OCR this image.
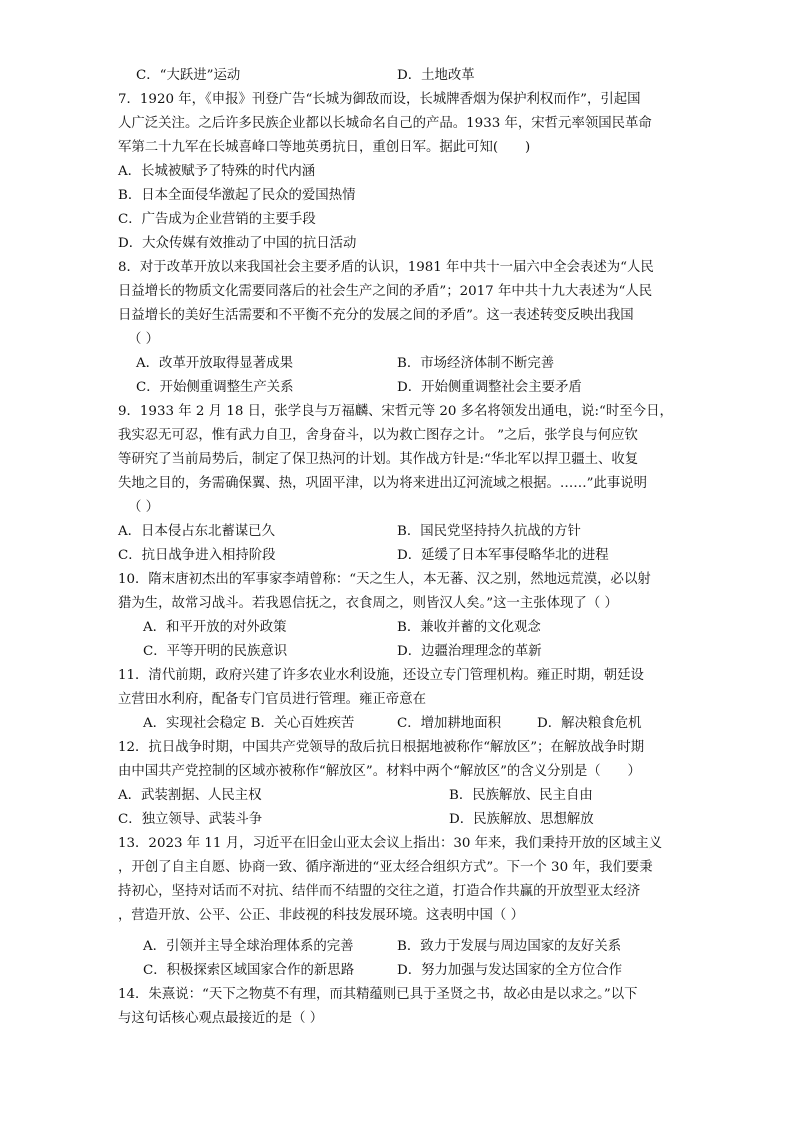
C．“大跃进”运动	D．土地改革
7．1920 年，《申报》刊登广告“长城为御敌而设，长城牌香烟为保护利权而作”，引起国
人广泛关注。之后许多民族企业都以长城命名自己的产品。1933 年，宋哲元率领国民革命
军第二十九军在长城喜峰口等地英勇抗日，重创日军。据此可知(　　)
A．长城被赋予了特殊的时代内涵
B．日本全面侵华激起了民众的爱国热情
C．广告成为企业营销的主要手段
D．大众传媒有效推动了中国的抗日活动
8．对于改革开放以来我国社会主要矛盾的认识，1981 年中共十一届六中全会表述为“人民
日益增长的物质文化需要同落后的社会生产之间的矛盾”；2017 年中共十九大表述为“人民
日益增长的美好生活需要和不平衡不充分的发展之间的矛盾”。这一表述转变反映出我国
（ ）
A．改革开放取得显著成果	B．市场经济体制不断完善
C．开始侧重调整生产关系	D．开始侧重调整社会主要矛盾
9．1933 年 2 月 18 日，张学良与万福麟、宋哲元等 20 多名将领发出通电，说:“时至今日，
我实忍无可忍，惟有武力自卫，舍身奋斗，以为救亡图存之计。 ”之后，张学良与何应钦
等研究了当前局势后，制定了保卫热河的计划。其作战方针是:“华北军以捍卫疆土、收复
失地之目的，务需确保翼、热，巩固平津，以为将来进出辽河流域之根据。……”此事说明
（ ）
A．日本侵占东北蓄谋已久	B．国民党坚持持久抗战的方针
C．抗日战争进入相持阶段	D．延缓了日本军事侵略华北的进程
10．隋末唐初杰出的军事家李靖曾称：“天之生人，本无蕃、汉之别，然地远荒漠，必以射
猎为生，故常习战斗。若我恩信抚之，衣食周之，则皆汉人矣。”这一主张体现了（ ）
A．和平开放的对外政策	B．兼收并蓄的文化观念
C．平等开明的民族意识	D．边疆治理理念的革新
11．清代前期，政府兴建了许多农业水利设施，还设立专门管理机构。雍正时期，朝廷设
立营田水利府，配备专门官员进行管理。雍正帝意在
A．实现社会稳定 B．关心百姓疾苦	C．增加耕地面积	D．解决粮食危机
12．抗日战争时期，中国共产党领导的敌后抗日根据地被称作“解放区”；在解放战争时期
由中国共产党控制的区域亦被称作“解放区”。材料中两个“解放区”的含义分别是（　　）
A．武装割据、人民主权	B．民族解放、民主自由
C．独立领导、武装斗争	D．民族解放、思想解放
13．2023 年 11 月，习近平在旧金山亚太会议上指出：30 年来，我们秉持开放的区域主义
，开创了自主自愿、协商一致、循序渐进的“亚太经合组织方式”。下一个 30 年，我们要秉
持初心，坚持对话而不对抗、结伴而不结盟的交往之道，打造合作共赢的开放型亚太经济
，营造开放、公平、公正、非歧视的科技发展环境。这表明中国（ ）
A．引领并主导全球治理体系的完善	B．致力于发展与周边国家的友好关系
C．积极探索区域国家合作的新思路	D．努力加强与发达国家的全方位合作
14．朱熹说：“天下之物莫不有理，而其精蕴则已具于圣贤之书，故必由是以求之。”以下
与这句话核心观点最接近的是（ ）
